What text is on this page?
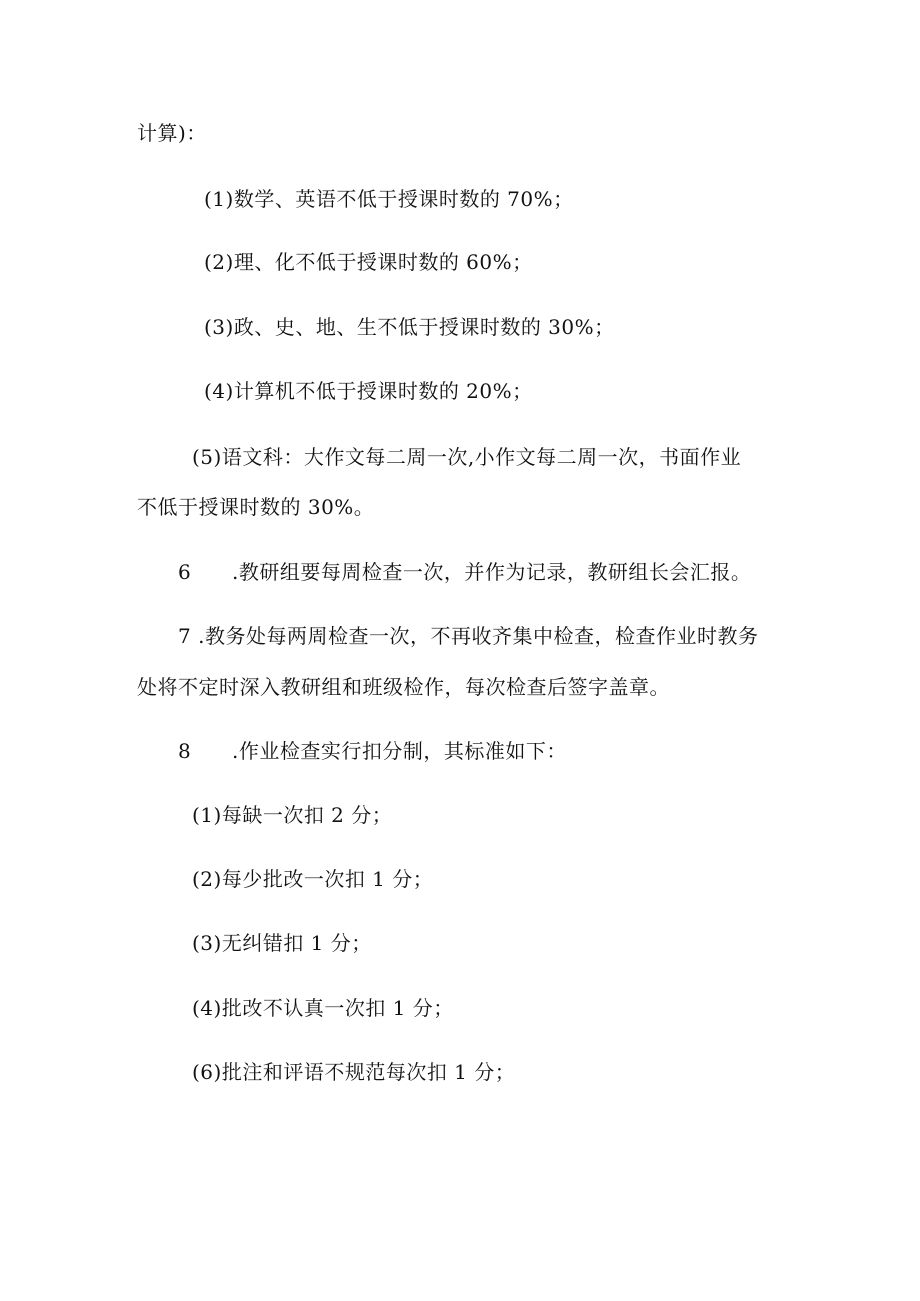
计算)：
(1)数学、英语不低于授课时数的 70%；
(2)理、化不低于授课时数的 60%；
(3)政、史、地、生不低于授课时数的 30%；
(4)计算机不低于授课时数的 20%；
(5)语文科：大作文每二周一次,小作文每二周一次，书面作业
不低于授课时数的 30%。
6 .教研组要每周检查一次，并作为记录，教研组长会汇报。
7 .教务处每两周检查一次，不再收齐集中检查，检查作业时教务
处将不定时深入教研组和班级检作，每次检查后签字盖章。
8 .作业检查实行扣分制，其标准如下：
(1)每缺一次扣 2 分；
(2)每少批改一次扣 1 分；
(3)无纠错扣 1 分；
(4)批改不认真一次扣 1 分；
(6)批注和评语不规范每次扣 1 分；
